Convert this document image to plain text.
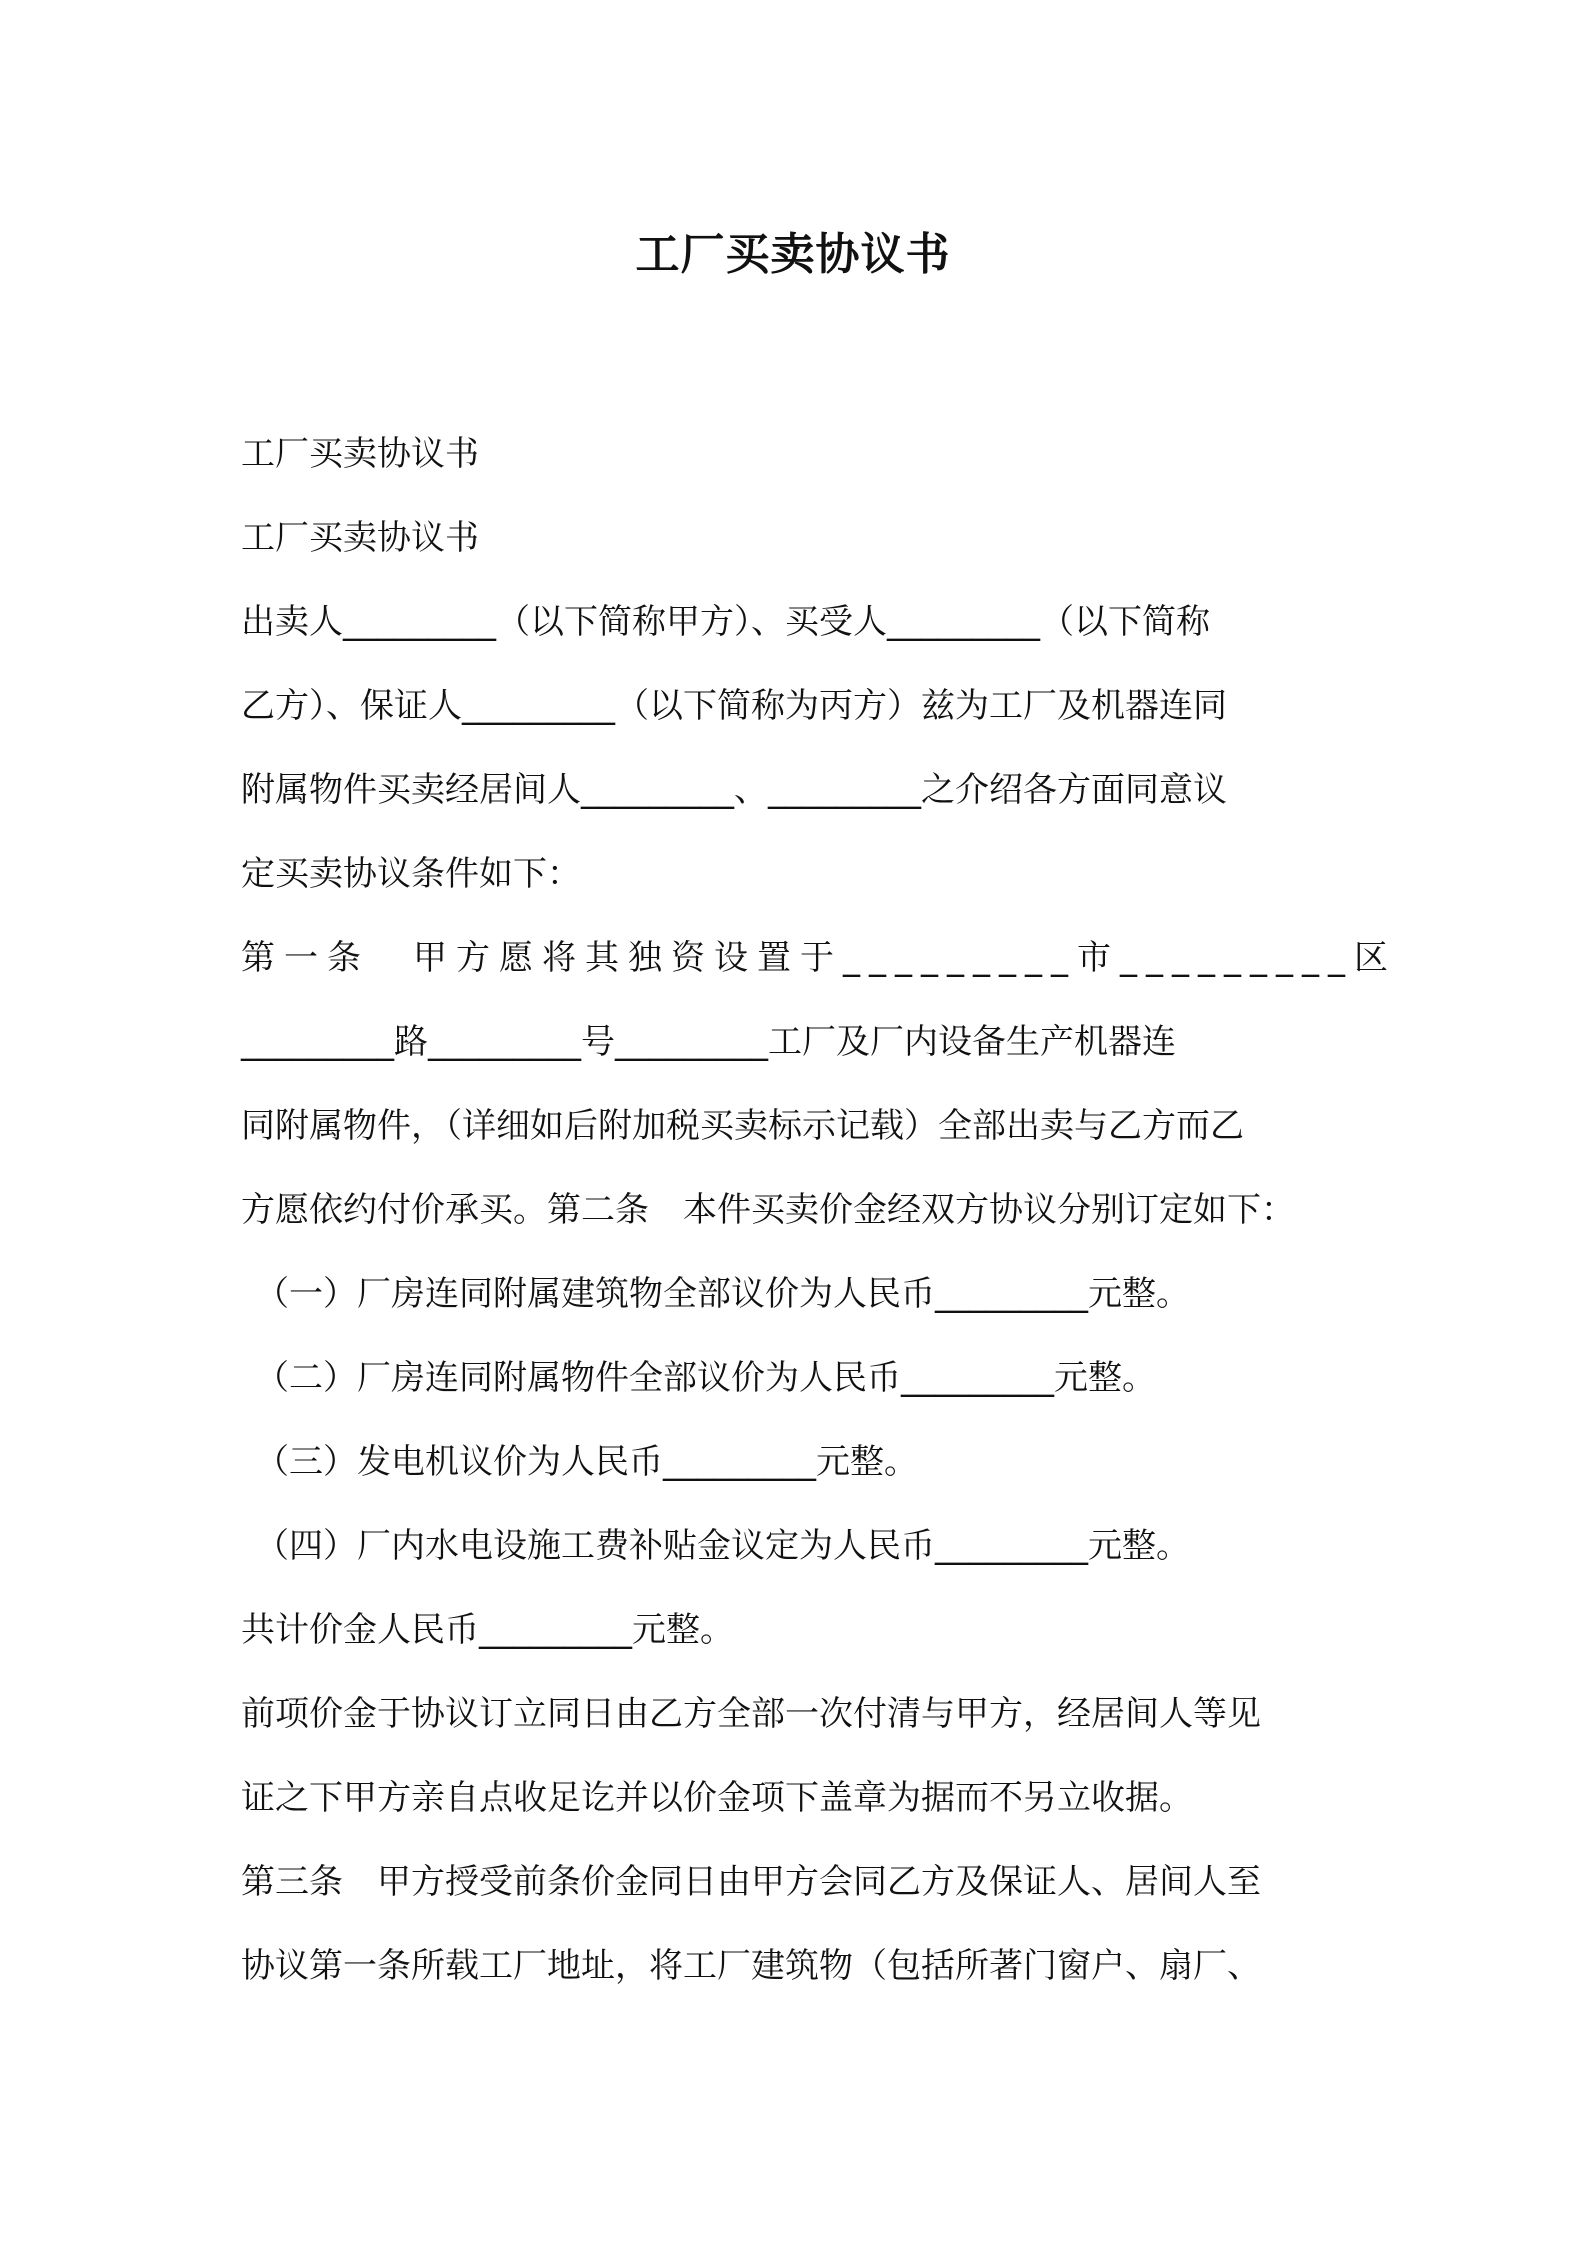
工厂买卖协议书
工厂买卖协议书
工厂买卖协议书
出卖人_________（以下简称甲方）、买受人_________（以下简称
乙方）、保证人_________（以下简称为丙方）兹为工厂及机器连同
附属物件买卖经居间人_________、_________之介绍各方面同意议
定买卖协议条件如下：
第一条　甲方愿将其独资设置于_________市_________区
_________路_________号_________工厂及厂内设备生产机器连
同附属物件，（详细如后附加税买卖标示记载）全部出卖与乙方而乙
方愿依约付价承买。第二条　本件买卖价金经双方协议分别订定如下：
（一）厂房连同附属建筑物全部议价为人民币_________元整。
（二）厂房连同附属物件全部议价为人民币_________元整。
（三）发电机议价为人民币_________元整。
（四）厂内水电设施工费补贴金议定为人民币_________元整。
共计价金人民币_________元整。
前项价金于协议订立同日由乙方全部一次付清与甲方，经居间人等见
证之下甲方亲自点收足讫并以价金项下盖章为据而不另立收据。
第三条　甲方授受前条价金同日由甲方会同乙方及保证人、居间人至
协议第一条所载工厂地址，将工厂建筑物（包括所著门窗户、扇厂、
